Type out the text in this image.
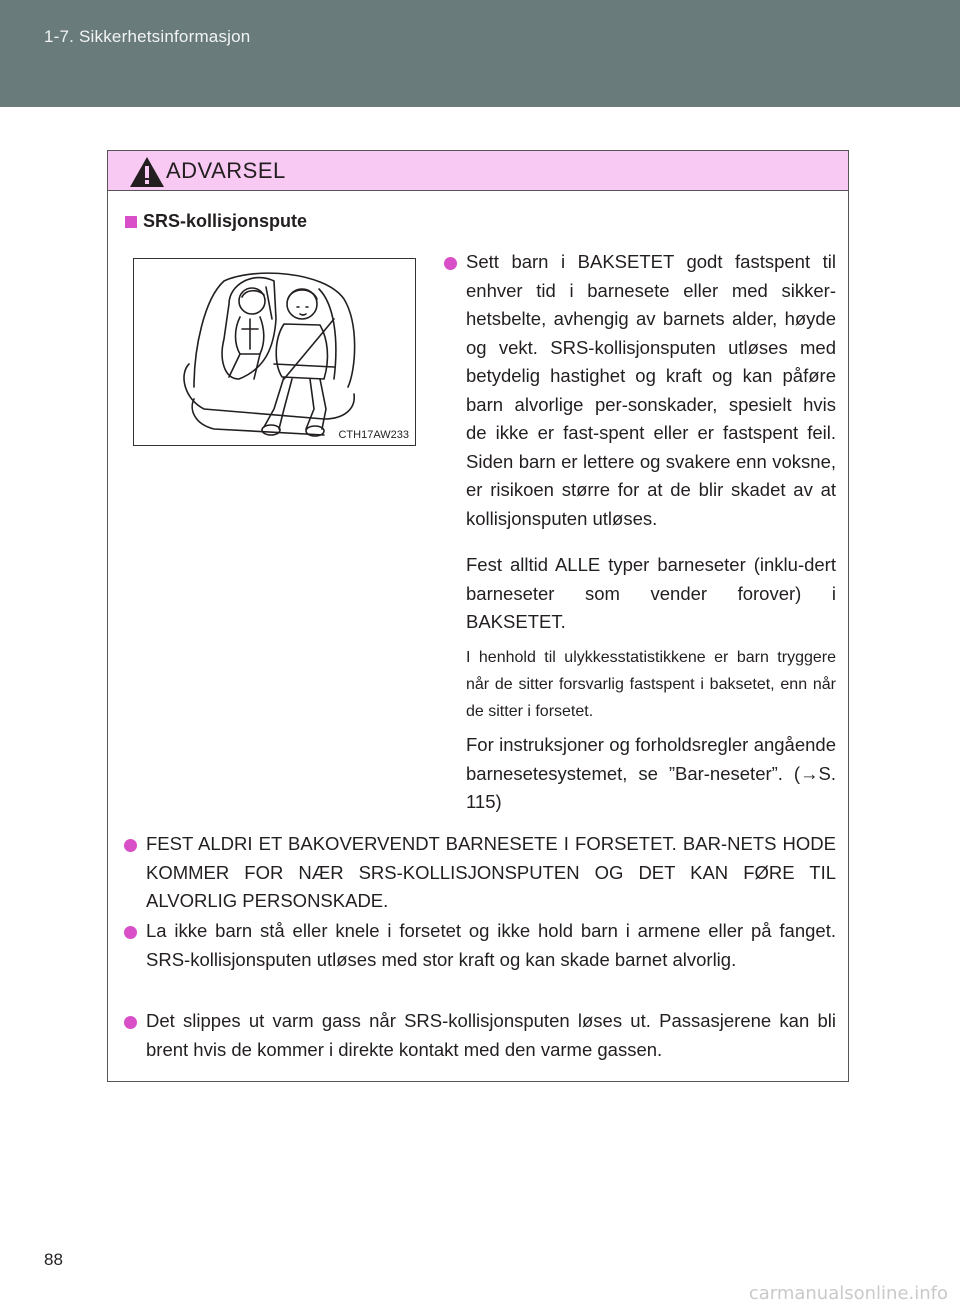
1-7. Sikkerhetsinformasjon
ADVARSEL
SRS-kollisjonspute
CTH17AW233
Sett barn i BAKSETET godt fastspent til enhver tid i barnesete eller med sikker-hetsbelte, avhengig av barnets alder, høyde og vekt. SRS-kollisjonsputen utløses med betydelig hastighet og kraft og kan påføre barn alvorlige per-sonskader, spesielt hvis de ikke er fast-spent eller er fastspent feil. Siden barn er lettere og svakere enn voksne, er risikoen større for at de blir skadet av at kollisjonsputen utløses.
Fest alltid ALLE typer barneseter (inklu-dert barneseter som vender forover) i BAKSETET.
I henhold til ulykkesstatistikkene er barn tryggere når de sitter forsvarlig fastspent i baksetet, enn når de sitter i forsetet.
For instruksjoner og forholdsregler angående barnesetesystemet, se ”Bar-neseter”. (→S. 115)
FEST ALDRI ET BAKOVERVENDT BARNESETE I FORSETET. BAR-NETS HODE KOMMER FOR NÆR SRS-KOLLISJONSPUTEN OG DET KAN FØRE TIL ALVORLIG PERSONSKADE.
La ikke barn stå eller knele i forsetet og ikke hold barn i armene eller på fanget. SRS-kollisjonsputen utløses med stor kraft og kan skade barnet alvorlig.
Det slippes ut varm gass når SRS-kollisjonsputen løses ut. Passasjerene kan bli brent hvis de kommer i direkte kontakt med den varme gassen.
88
carmanualsonline.info
